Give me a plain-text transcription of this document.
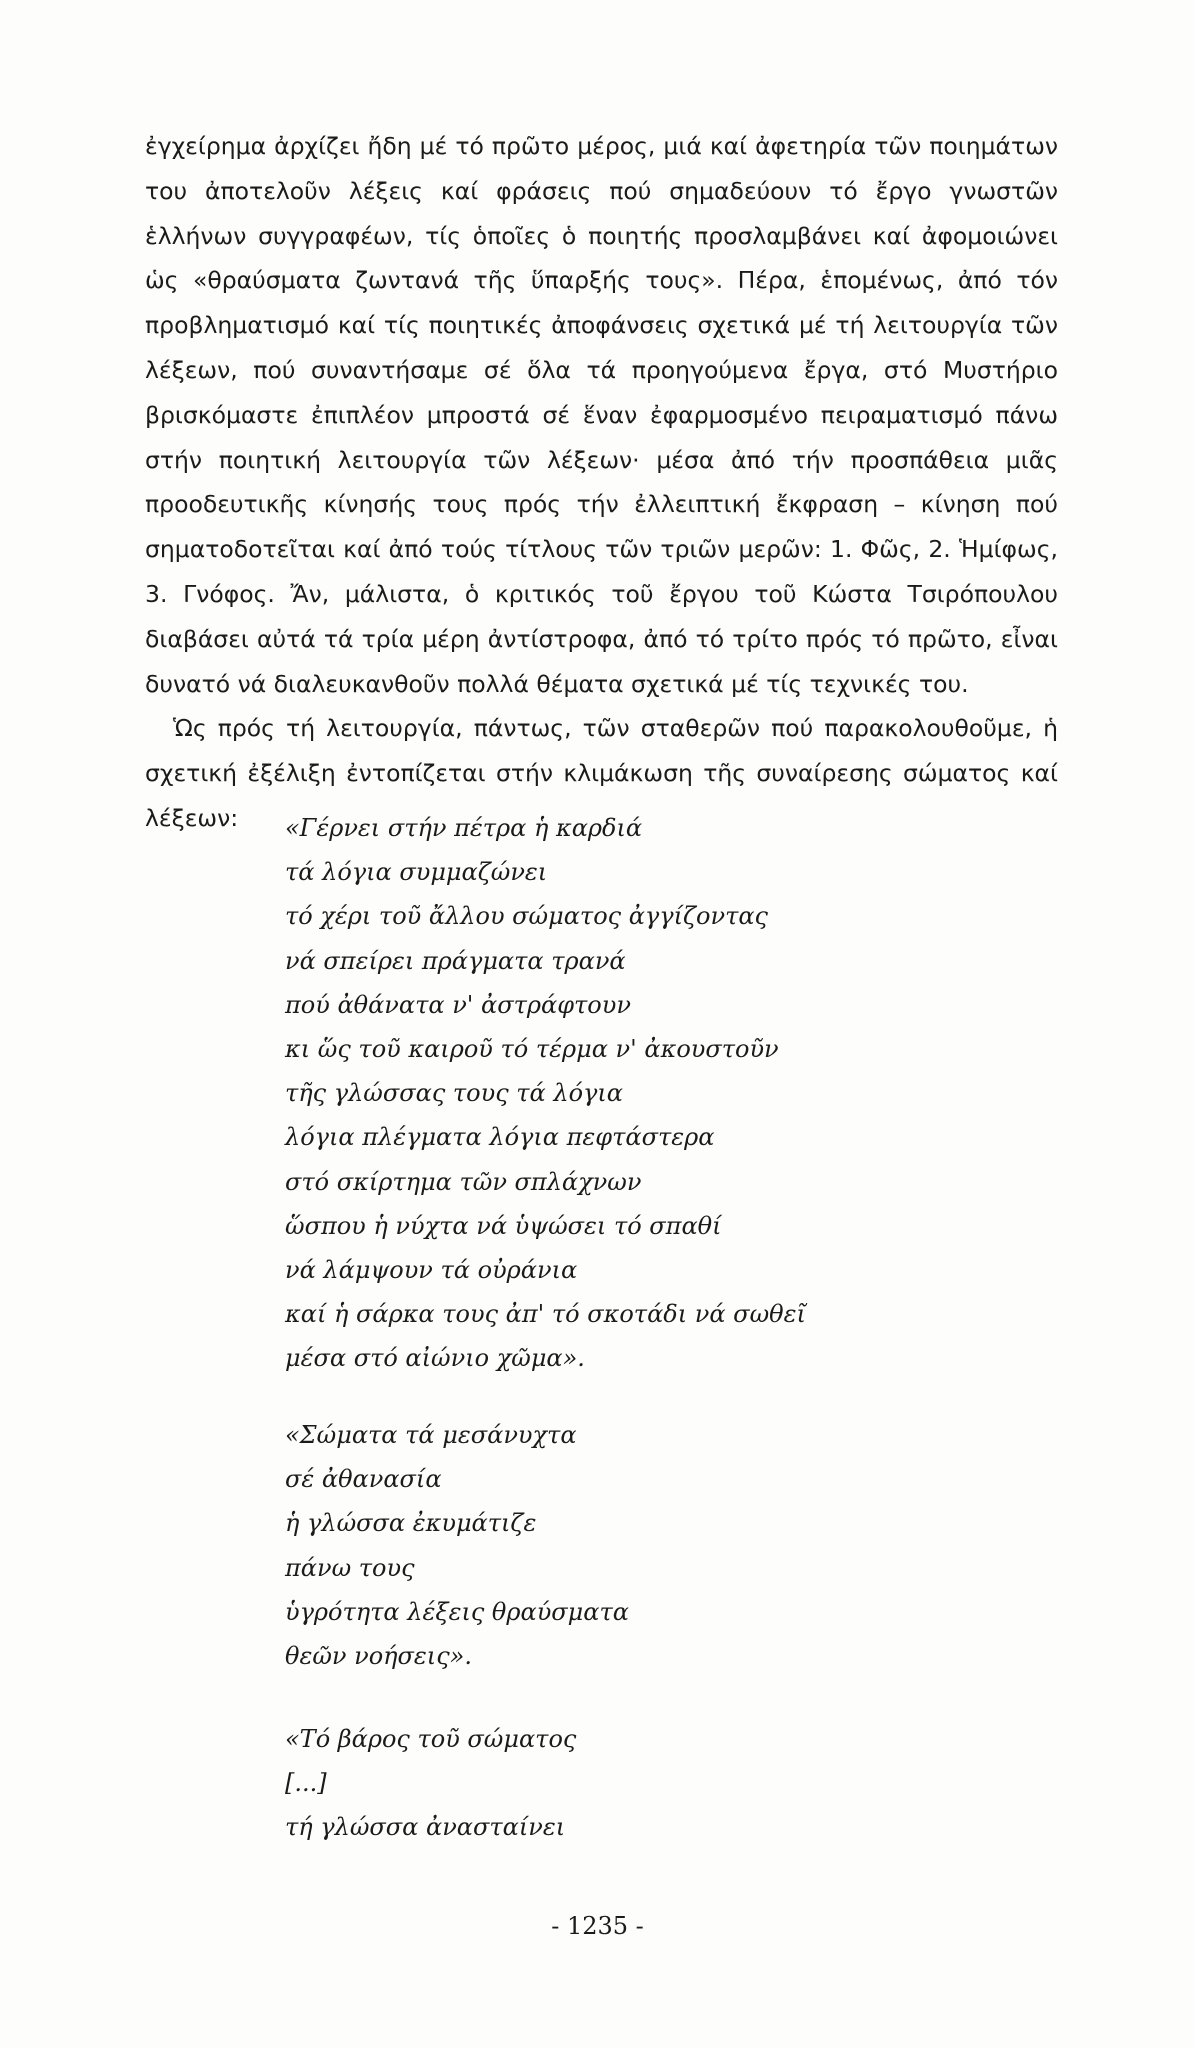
ἐγχείρημα ἀρχίζει ἤδη μέ τό πρῶτο μέρος, μιά καί ἀφετηρία τῶν ποιημάτων του ἀποτελοῦν λέξεις καί φράσεις πού σημαδεύουν τό ἔργο γνωστῶν ἑλλήνων συγγραφέων, τίς ὁποῖες ὁ ποιητής προσλαμβάνει καί ἀφομοιώνει ὡς «θραύσματα ζωντανά τῆς ὕπαρξής τους». Πέρα, ἑπομένως, ἀπό τόν προβληματισμό καί τίς ποιητικές ἀποφάνσεις σχετικά μέ τή λειτουργία τῶν λέξεων, πού συναντήσαμε σέ ὅλα τά προηγούμενα ἔργα, στό Μυστήριο βρισκόμαστε ἐπιπλέον μπροστά σέ ἕναν ἐφαρμοσμένο πειραματισμό πάνω στήν ποιητική λειτουργία τῶν λέξεων· μέσα ἀπό τήν προσπάθεια μιᾶς προοδευτικῆς κίνησής τους πρός τήν ἐλλειπτική ἔκφραση – κίνηση πού σηματοδοτεῖται καί ἀπό τούς τίτλους τῶν τριῶν μερῶν: 1. Φῶς, 2. Ἡμίφως, 3. Γνόφος. Ἄν, μάλιστα, ὁ κριτικός τοῦ ἔργου τοῦ Κώστα Τσιρόπουλου διαβάσει αὐτά τά τρία μέρη ἀντίστροφα, ἀπό τό τρίτο πρός τό πρῶτο, εἶναι δυνατό νά διαλευκανθοῦν πολλά θέματα σχετικά μέ τίς τεχνικές του.

Ὡς πρός τή λειτουργία, πάντως, τῶν σταθερῶν πού παρακολουθοῦμε, ἡ σχετική ἐξέλιξη ἐντοπίζεται στήν κλιμάκωση τῆς συναίρεσης σώματος καί λέξεων:	«Γέρνει στήν πέτρα ἡ καρδιά
τά λόγια συμμαζώνει
τό χέρι τοῦ ἄλλου σώματος ἀγγίζοντας
νά σπείρει πράγματα τρανά
πού ἀθάνατα ν' ἀστράφτουν
κι ὥς τοῦ καιροῦ τό τέρμα ν' ἀκουστοῦν
τῆς γλώσσας τους τά λόγια
λόγια πλέγματα λόγια πεφτάστερα
στό σκίρτημα τῶν σπλάχνων
ὥσπου ἡ νύχτα νά ὑψώσει τό σπαθί
νά λάμψουν τά οὐράνια
καί ἡ σάρκα τους ἀπ' τό σκοτάδι νά σωθεῖ
μέσα στό αἰώνιο χῶμα».
«Σώματα τά μεσάνυχτα
σέ ἀθανασία
ἡ γλώσσα ἐκυμάτιζε
πάνω τους
ὑγρότητα λέξεις θραύσματα
θεῶν νοήσεις».
«Τό βάρος τοῦ σώματος
[...]
τή γλώσσα ἀνασταίνει
- 1235 -
